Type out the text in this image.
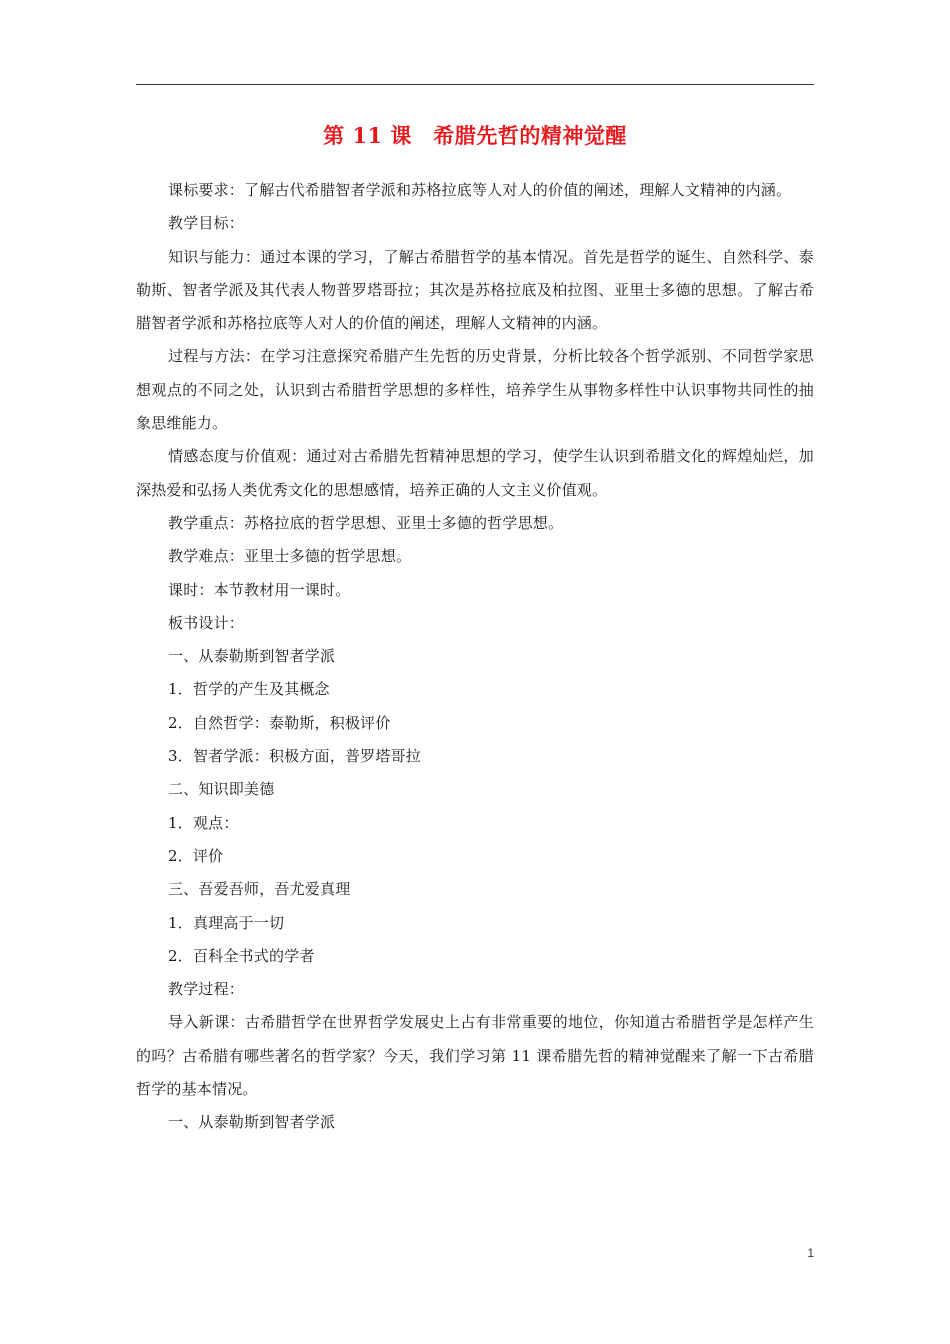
第 11 课　希腊先哲的精神觉醒

课标要求：了解古代希腊智者学派和苏格拉底等人对人的价值的阐述，理解人文精神的内涵。

教学目标：

知识与能力：通过本课的学习，了解古希腊哲学的基本情况。首先是哲学的诞生、自然科学、泰勒斯、智者学派及其代表人物普罗塔哥拉；其次是苏格拉底及柏拉图、亚里士多德的思想。了解古希腊智者学派和苏格拉底等人对人的价值的阐述，理解人文精神的内涵。

过程与方法：在学习注意探究希腊产生先哲的历史背景，分析比较各个哲学派别、不同哲学家思想观点的不同之处，认识到古希腊哲学思想的多样性，培养学生从事物多样性中认识事物共同性的抽象思维能力。

情感态度与价值观：通过对古希腊先哲精神思想的学习，使学生认识到希腊文化的辉煌灿烂，加深热爱和弘扬人类优秀文化的思想感情，培养正确的人文主义价值观。

教学重点：苏格拉底的哲学思想、亚里士多德的哲学思想。

教学难点：亚里士多德的哲学思想。

课时：本节教材用一课时。

板书设计：

一、从泰勒斯到智者学派

1．哲学的产生及其概念

2．自然哲学：泰勒斯，积极评价

3．智者学派：积极方面，普罗塔哥拉

二、知识即美德

1．观点：

2．评价

三、吾爱吾师，吾尤爱真理

1．真理高于一切

2．百科全书式的学者

教学过程：

导入新课：古希腊哲学在世界哲学发展史上占有非常重要的地位，你知道古希腊哲学是怎样产生的吗？古希腊有哪些著名的哲学家？今天，我们学习第 11 课希腊先哲的精神觉醒来了解一下古希腊哲学的基本情况。

一、从泰勒斯到智者学派

1
